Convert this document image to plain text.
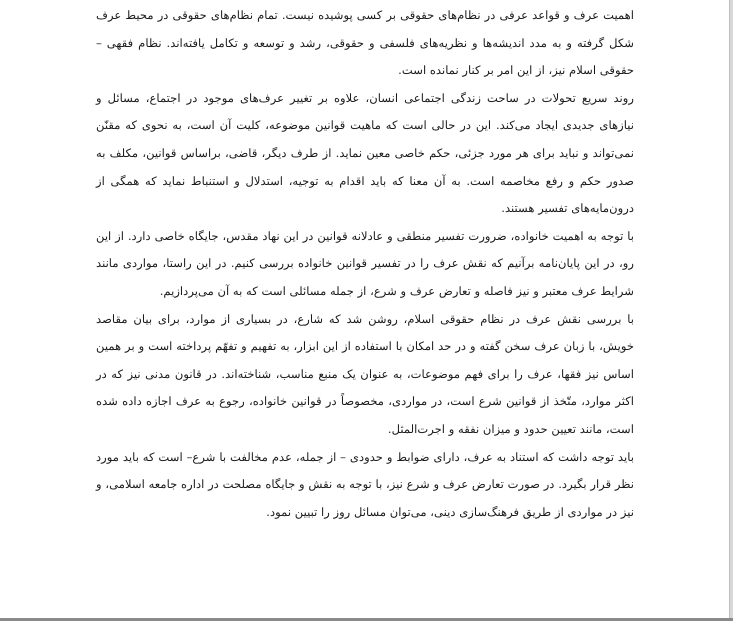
اهمیت عرف و قواعد عرفی در نظام‌های حقوقی بر کسی پوشیده نیست. تمام نظام‌های حقوقی در محیط عرف شکل گرفته و به مدد اندیشه‌ها و نظریه‌های فلسفی و حقوقی، رشد و توسعه و تکامل یافته‌اند. نظام فقهی – حقوقی اسلام نیز، از این امر بر کنار نمانده است.

روند سریع تحولات در ساحت زندگی اجتماعی انسان، علاوه بر تغییر عرف‌های موجود در اجتماع، مسائل و نیازهای جدیدی ایجاد می‌کند. این در حالی است که ماهیت قوانین موضوعه، کلیت آن است، به نحوی که مقنّن نمی‌تواند و نباید برای هر مورد جزئی، حکم خاصی معین نماید. از طرف دیگر، قاضی، براساس قوانین، مکلف به صدور حکم و رفع مخاصمه است. به آن معنا که باید اقدام به توجیه، استدلال و استنباط نماید که همگی از درون‌مایه‌های تفسیر هستند.

با توجه به اهمیت خانواده، ضرورت تفسیر منطقی و عادلانه قوانین در این نهاد مقدس، جایگاه خاصی دارد. از این رو، در این پایان‌نامه برآنیم که نقش عرف را در تفسیر قوانین خانواده بررسی کنیم. در این راستا، مواردی مانند شرایط عرف معتبر و نیز فاصله و تعارض عرف و شرع، از جمله مسائلی است که به آن می‌پردازیم.

با بررسی نقش عرف در نظام حقوقی اسلام، روشن شد که شارع، در بسیاری از موارد، برای بیان مقاصد خویش، با زبان عرف سخن گفته و در حد امکان با استفاده از این ابزار، به تفهیم و تفهّم پرداخته است و بر همین اساس نیز فقها، عرف را برای فهم موضوعات، به عنوان یک منبع مناسب، شناخته‌اند. در قانون مدنی نیز که در اکثر موارد، متّخذ از قوانین شرع است، در مواردی، مخصوصاً در قوانین خانواده، رجوع به عرف اجازه داده شده است، مانند تعیین حدود و میزان نفقه و اجرت‌المثل.

باید توجه داشت که استناد به عرف، دارای ضوابط و حدودی – از جمله، عدم مخالفت با شرع– است که باید مورد نظر قرار بگیرد. در صورت تعارض عرف و شرع نیز، با توجه به نقش و جایگاه مصلحت در اداره جامعه اسلامی، و نیز در مواردی از طریق فرهنگ‌سازی دینی، می‌توان مسائل روز را تبیین نمود.
